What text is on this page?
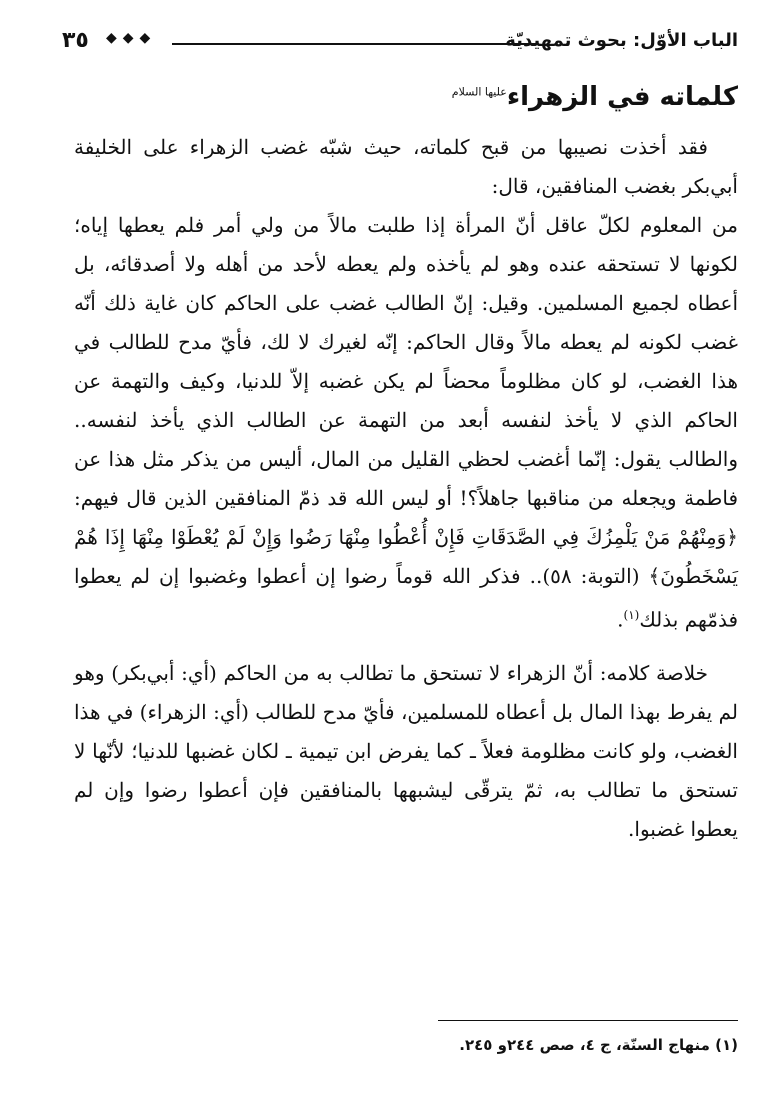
الباب الأوّل: بحوث تمهيديّة
◆◆◆
٣٥
كلماته في الزهراء$^{عليها السلام}$

فقد أخذت نصيبها من قبح كلماته، حيث شبّه غضب الزهراء على الخليفة أبي‌بكر بغضب المنافقين، قال:

من المعلوم لكلّ عاقل أنّ المرأة إذا طلبت مالاً من ولي أمر فلم يعطها إياه؛ لكونها لا تستحقه عنده وهو لم يأخذه ولم يعطه لأحد من أهله ولا أصدقائه، بل أعطاه لجميع المسلمين. وقيل: إنّ الطالب غضب على الحاكم كان غاية ذلك أنّه غضب لكونه لم يعطه مالاً وقال الحاكم: إنّه لغيرك لا لك، فأيّ مدح للطالب في هذا الغضب، لو كان مظلوماً محضاً لم يكن غضبه إلاّ للدنيا، وكيف والتهمة عن الحاكم الذي لا يأخذ لنفسه أبعد من التهمة عن الطالب الذي يأخذ لنفسه.. والطالب يقول: إنّما أغضب لحظي القليل من المال، أليس من يذكر مثل هذا عن فاطمة ويجعله من مناقبها جاهلاً؟! أو ليس الله قد ذمّ المنافقين الذين قال فيهم: ﴿وَمِنْهُمْ مَنْ يَلْمِزُكَ فِي الصَّدَقَاتِ فَإِنْ أُعْطُوا مِنْهَا رَضُوا وَإِنْ لَمْ يُعْطَوْا مِنْهَا إِذَا هُمْ يَسْخَطُونَ﴾ (التوبة: ٥٨).. فذكر الله قوماً رضوا إن أعطوا وغضبوا إن لم يعطوا فذمّهم بذلك$^{(١)}$.

خلاصة كلامه: أنّ الزهراء لا تستحق ما تطالب به من الحاكم (أي: أبي‌بكر) وهو لم يفرط بهذا المال بل أعطاه للمسلمين، فأيّ مدح للطالب (أي: الزهراء) في هذا الغضب، ولو كانت مظلومة فعلاً ـ كما يفرض ابن تيمية ـ لكان غضبها للدنيا؛ لأنّها لا تستحق ما تطالب به، ثمّ يترقّى ليشبهها بالمنافقين فإن أعطوا رضوا وإن لم يعطوا غضبوا.

(١) منهاج السنّة، ج ٤، صص ٢٤٤و ٢٤٥.
